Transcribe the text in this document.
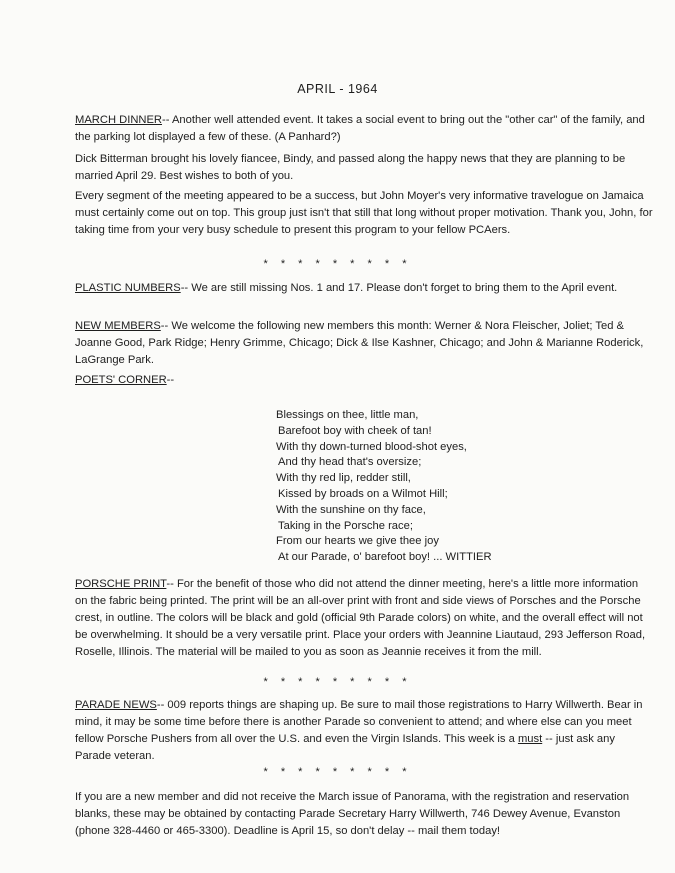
APRIL - 1964

MARCH DINNER-- Another well attended event. It takes a social event to bring out the "other car" of the family, and the parking lot displayed a few of these. (A Panhard?)

Dick Bitterman brought his lovely fiancee, Bindy, and passed along the happy news that they are planning to be married April 29. Best wishes to both of you.

Every segment of the meeting appeared to be a success, but John Moyer's very informative travelogue on Jamaica must certainly come out on top. This group just isn't that still that long without proper motivation. Thank you, John, for taking time from your very busy schedule to present this program to your fellow PCAers.

* * * * * * * * *

PLASTIC NUMBERS-- We are still missing Nos. 1 and 17. Please don't forget to bring them to the April event.

NEW MEMBERS-- We welcome the following new members this month: Werner & Nora Fleischer, Joliet; Ted & Joanne Good, Park Ridge; Henry Grimme, Chicago; Dick & Ilse Kashner, Chicago; and John & Marianne Roderick, LaGrange Park.

POETS' CORNER--

Blessings on thee, little man,
Barefoot boy with cheek of tan!
With thy down-turned blood-shot eyes,
And thy head that's oversize;
With thy red lip, redder still,
Kissed by broads on a Wilmot Hill;
With the sunshine on thy face,
Taking in the Porsche race;
From our hearts we give thee joy
At our Parade, o' barefoot boy! ... WITTIER

PORSCHE PRINT-- For the benefit of those who did not attend the dinner meeting, here's a little more information on the fabric being printed. The print will be an all-over print with front and side views of Porsches and the Porsche crest, in outline. The colors will be black and gold (official 9th Parade colors) on white, and the overall effect will not be overwhelming. It should be a very versatile print. Place your orders with Jeannine Liautaud, 293 Jefferson Road, Roselle, Illinois. The material will be mailed to you as soon as Jeannie receives it from the mill.

* * * * * * * * *

PARADE NEWS-- 009 reports things are shaping up. Be sure to mail those registrations to Harry Willwerth. Bear in mind, it may be some time before there is another Parade so convenient to attend; and where else can you meet fellow Porsche Pushers from all over the U.S. and even the Virgin Islands. This week is a must -- just ask any Parade veteran.

* * * * * * * * *

If you are a new member and did not receive the March issue of Panorama, with the registration and reservation blanks, these may be obtained by contacting Parade Secretary Harry Willwerth, 746 Dewey Avenue, Evanston (phone 328-4460 or 465-3300). Deadline is April 15, so don't delay -- mail them today!
